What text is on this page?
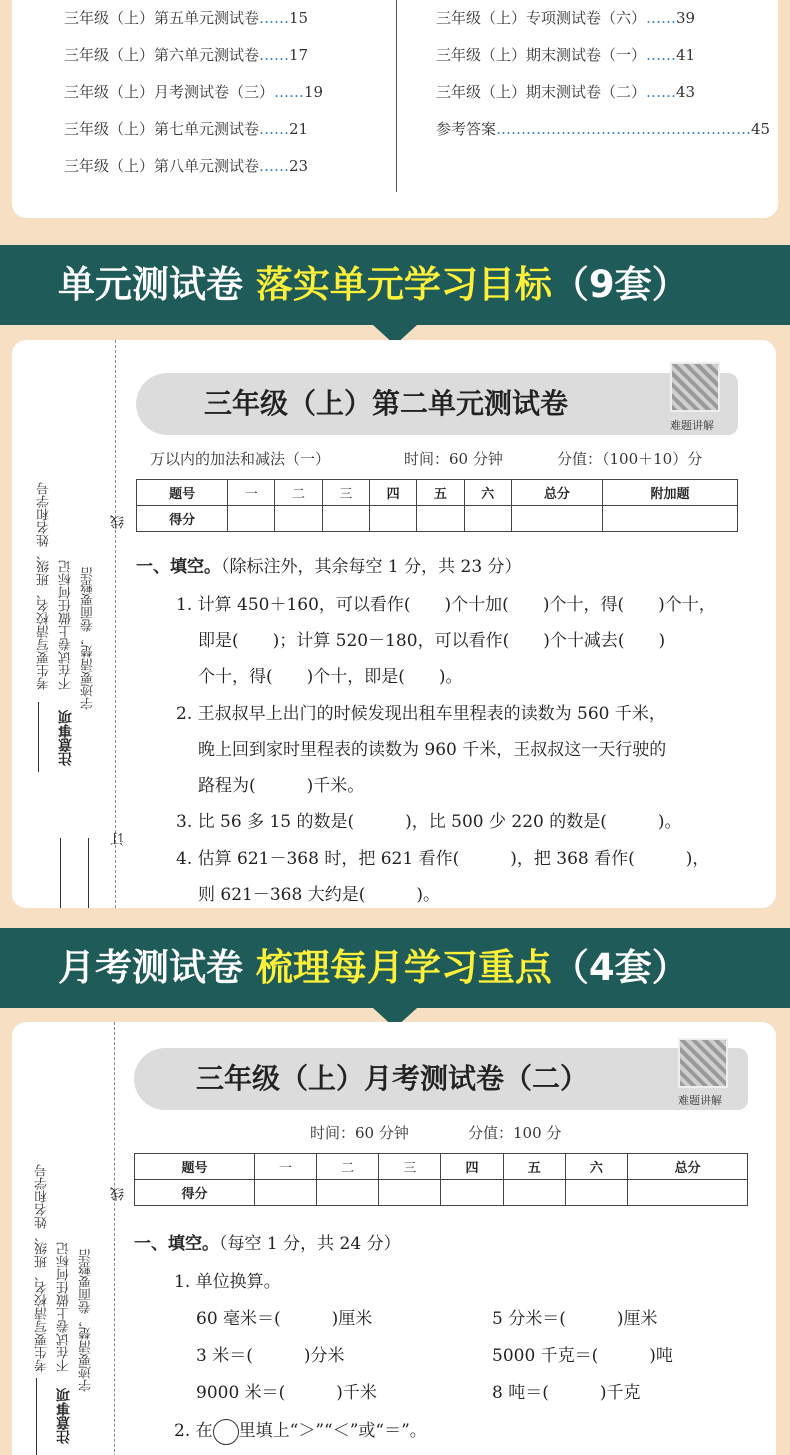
三年级（上）第五单元测试卷……15
三年级（上）第六单元测试卷……17
三年级（上）月考测试卷（三）……19
三年级（上）第七单元测试卷……21
三年级（上）第八单元测试卷……23
三年级（上）专项测试卷（六）……39
三年级（上）期末测试卷（一）……41
三年级（上）期末测试卷（二）……43
参考答案……………………………………………45
单元测试卷 落实单元学习目标（9套）
考生要写清校名、班级、姓名和学号 不在试卷上做任何标记 字迹要清楚，卷面要整洁
注意事项
线
订
三年级（上）第二单元测试卷
难题讲解
万以内的加法和减法（一）	时间：60 分钟	分值：（100＋10）分
题号	一	二	三	四	五	六	总分	附加题
得分								
一、填空。（除标注外，其余每空 1 分，共 23 分）
1. 计算 450＋160，可以看作(　　)个十加(　　)个十，得(　　)个十，
即是(　　)；计算 520－180，可以看作(　　)个十减去(　　)
个十，得(　　)个十，即是(　　)。
2. 王叔叔早上出门的时候发现出租车里程表的读数为 560 千米，
晚上回到家时里程表的读数为 960 千米，王叔叔这一天行驶的
路程为(　　　)千米。
3. 比 56 多 15 的数是(　　　)，比 500 少 220 的数是(　　　)。
4. 估算 621－368 时，把 621 看作(　　　)，把 368 看作(　　　)，
则 621－368 大约是(　　　)。
月考测试卷 梳理每月学习重点（4套）
考生要写清校名、班级、姓名和学号 不在试卷上做任何标记 字迹要清楚，卷面要整洁
注意事项
线
三年级（上）月考测试卷（二）
难题讲解
时间：60 分钟	分值：100 分
题号	一	二	三	四	五	六	总分
得分							
一、填空。（每空 1 分，共 24 分）
1. 单位换算。
60 毫米＝(　　　)厘米	5 分米＝(　　　)厘米
3 米＝(　　　)分米	5000 千克＝(　　　)吨
9000 米＝(　　　)千米	8 吨＝(　　　)千克
2. 在 里填上“＞”“＜”或“＝”。
